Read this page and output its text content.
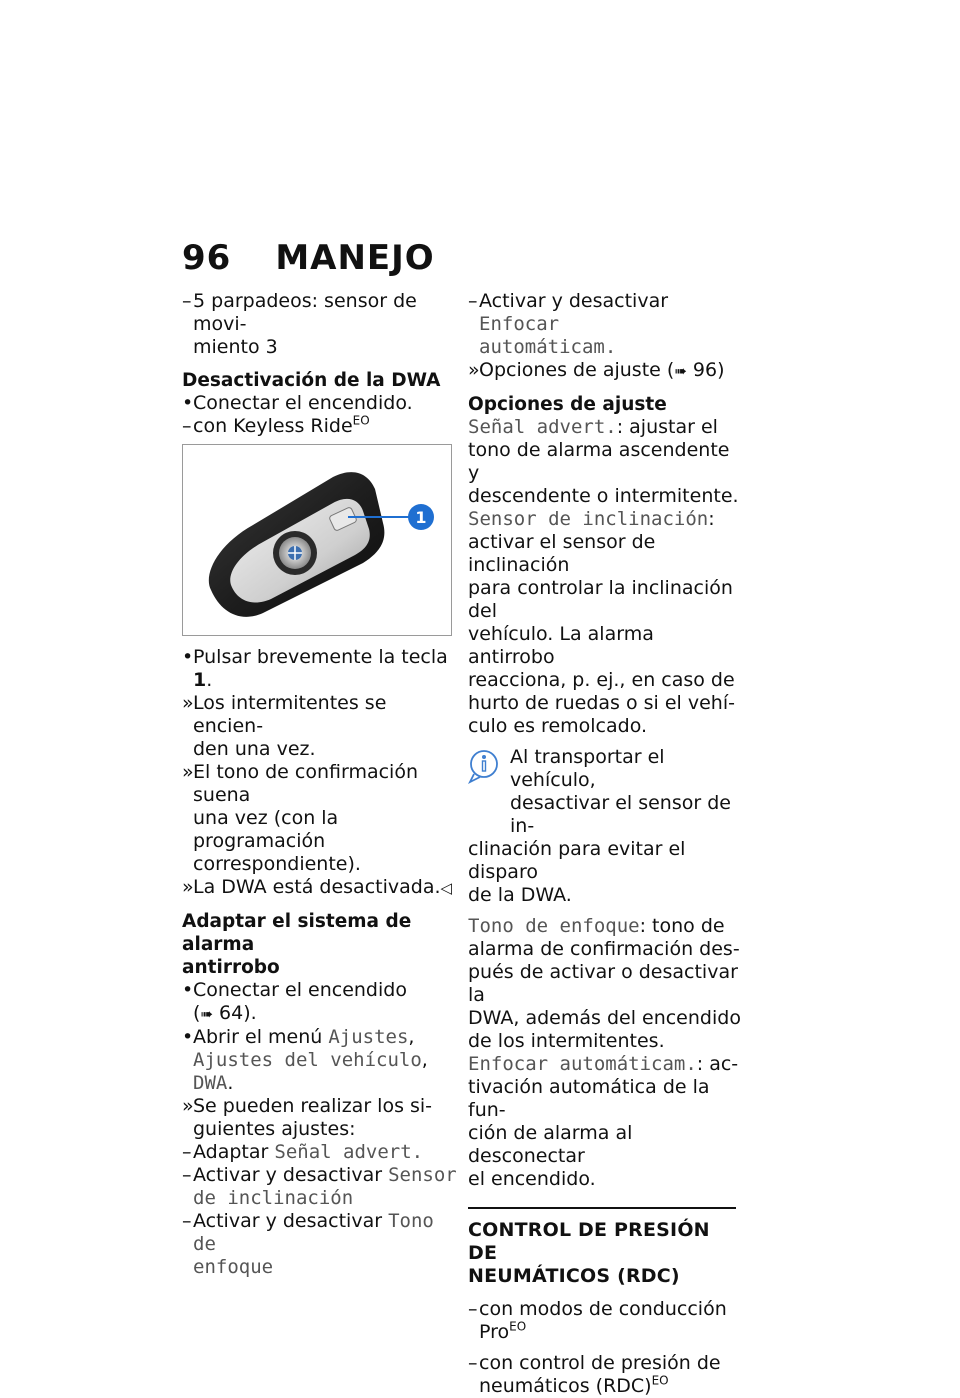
96 MANEJO

– 5 parpadeos: sensor de movi-

miento 3

Desactivación de la DWA

• Conectar el encendido.

– con Keyless Ride$^{EO}$

1

• Pulsar brevemente la tecla 1.

» Los intermitentes se encien-

den una vez.

» El tono de confirmación suena

una vez (con la programación

correspondiente).

» La DWA está desactivada.◁

Adaptar el sistema de alarma

antirrobo

• Conectar el encendido

(➠ 64).

• Abrir el menú Ajustes,

Ajustes del vehículo,

DWA.

» Se pueden realizar los si-

guientes ajustes:

– Adaptar Señal advert.

– Activar y desactivar Sensor

de inclinación

– Activar y desactivar Tono de

enfoque

– Activar y desactivar Enfocar

automáticam.

» Opciones de ajuste (➠ 96)

Opciones de ajuste

Señal advert.: ajustar el

tono de alarma ascendente y

descendente o intermitente.

Sensor de inclinación:

activar el sensor de inclinación

para controlar la inclinación del

vehículo. La alarma antirrobo

reacciona, p. ej., en caso de

hurto de ruedas o si el vehí-

culo es remolcado.

Al transportar el vehículo,

desactivar el sensor de in-

clinación para evitar el disparo

de la DWA.

Tono de enfoque: tono de

alarma de confirmación des-

pués de activar o desactivar la

DWA, además del encendido

de los intermitentes.

Enfocar automáticam.: ac-

tivación automática de la fun-

ción de alarma al desconectar

el encendido.

CONTROL DE PRESIÓN DE

NEUMÁTICOS (RDC)

– con modos de conducción

Pro$^{EO}$

– con control de presión de

neumáticos (RDC)$^{EO}$
